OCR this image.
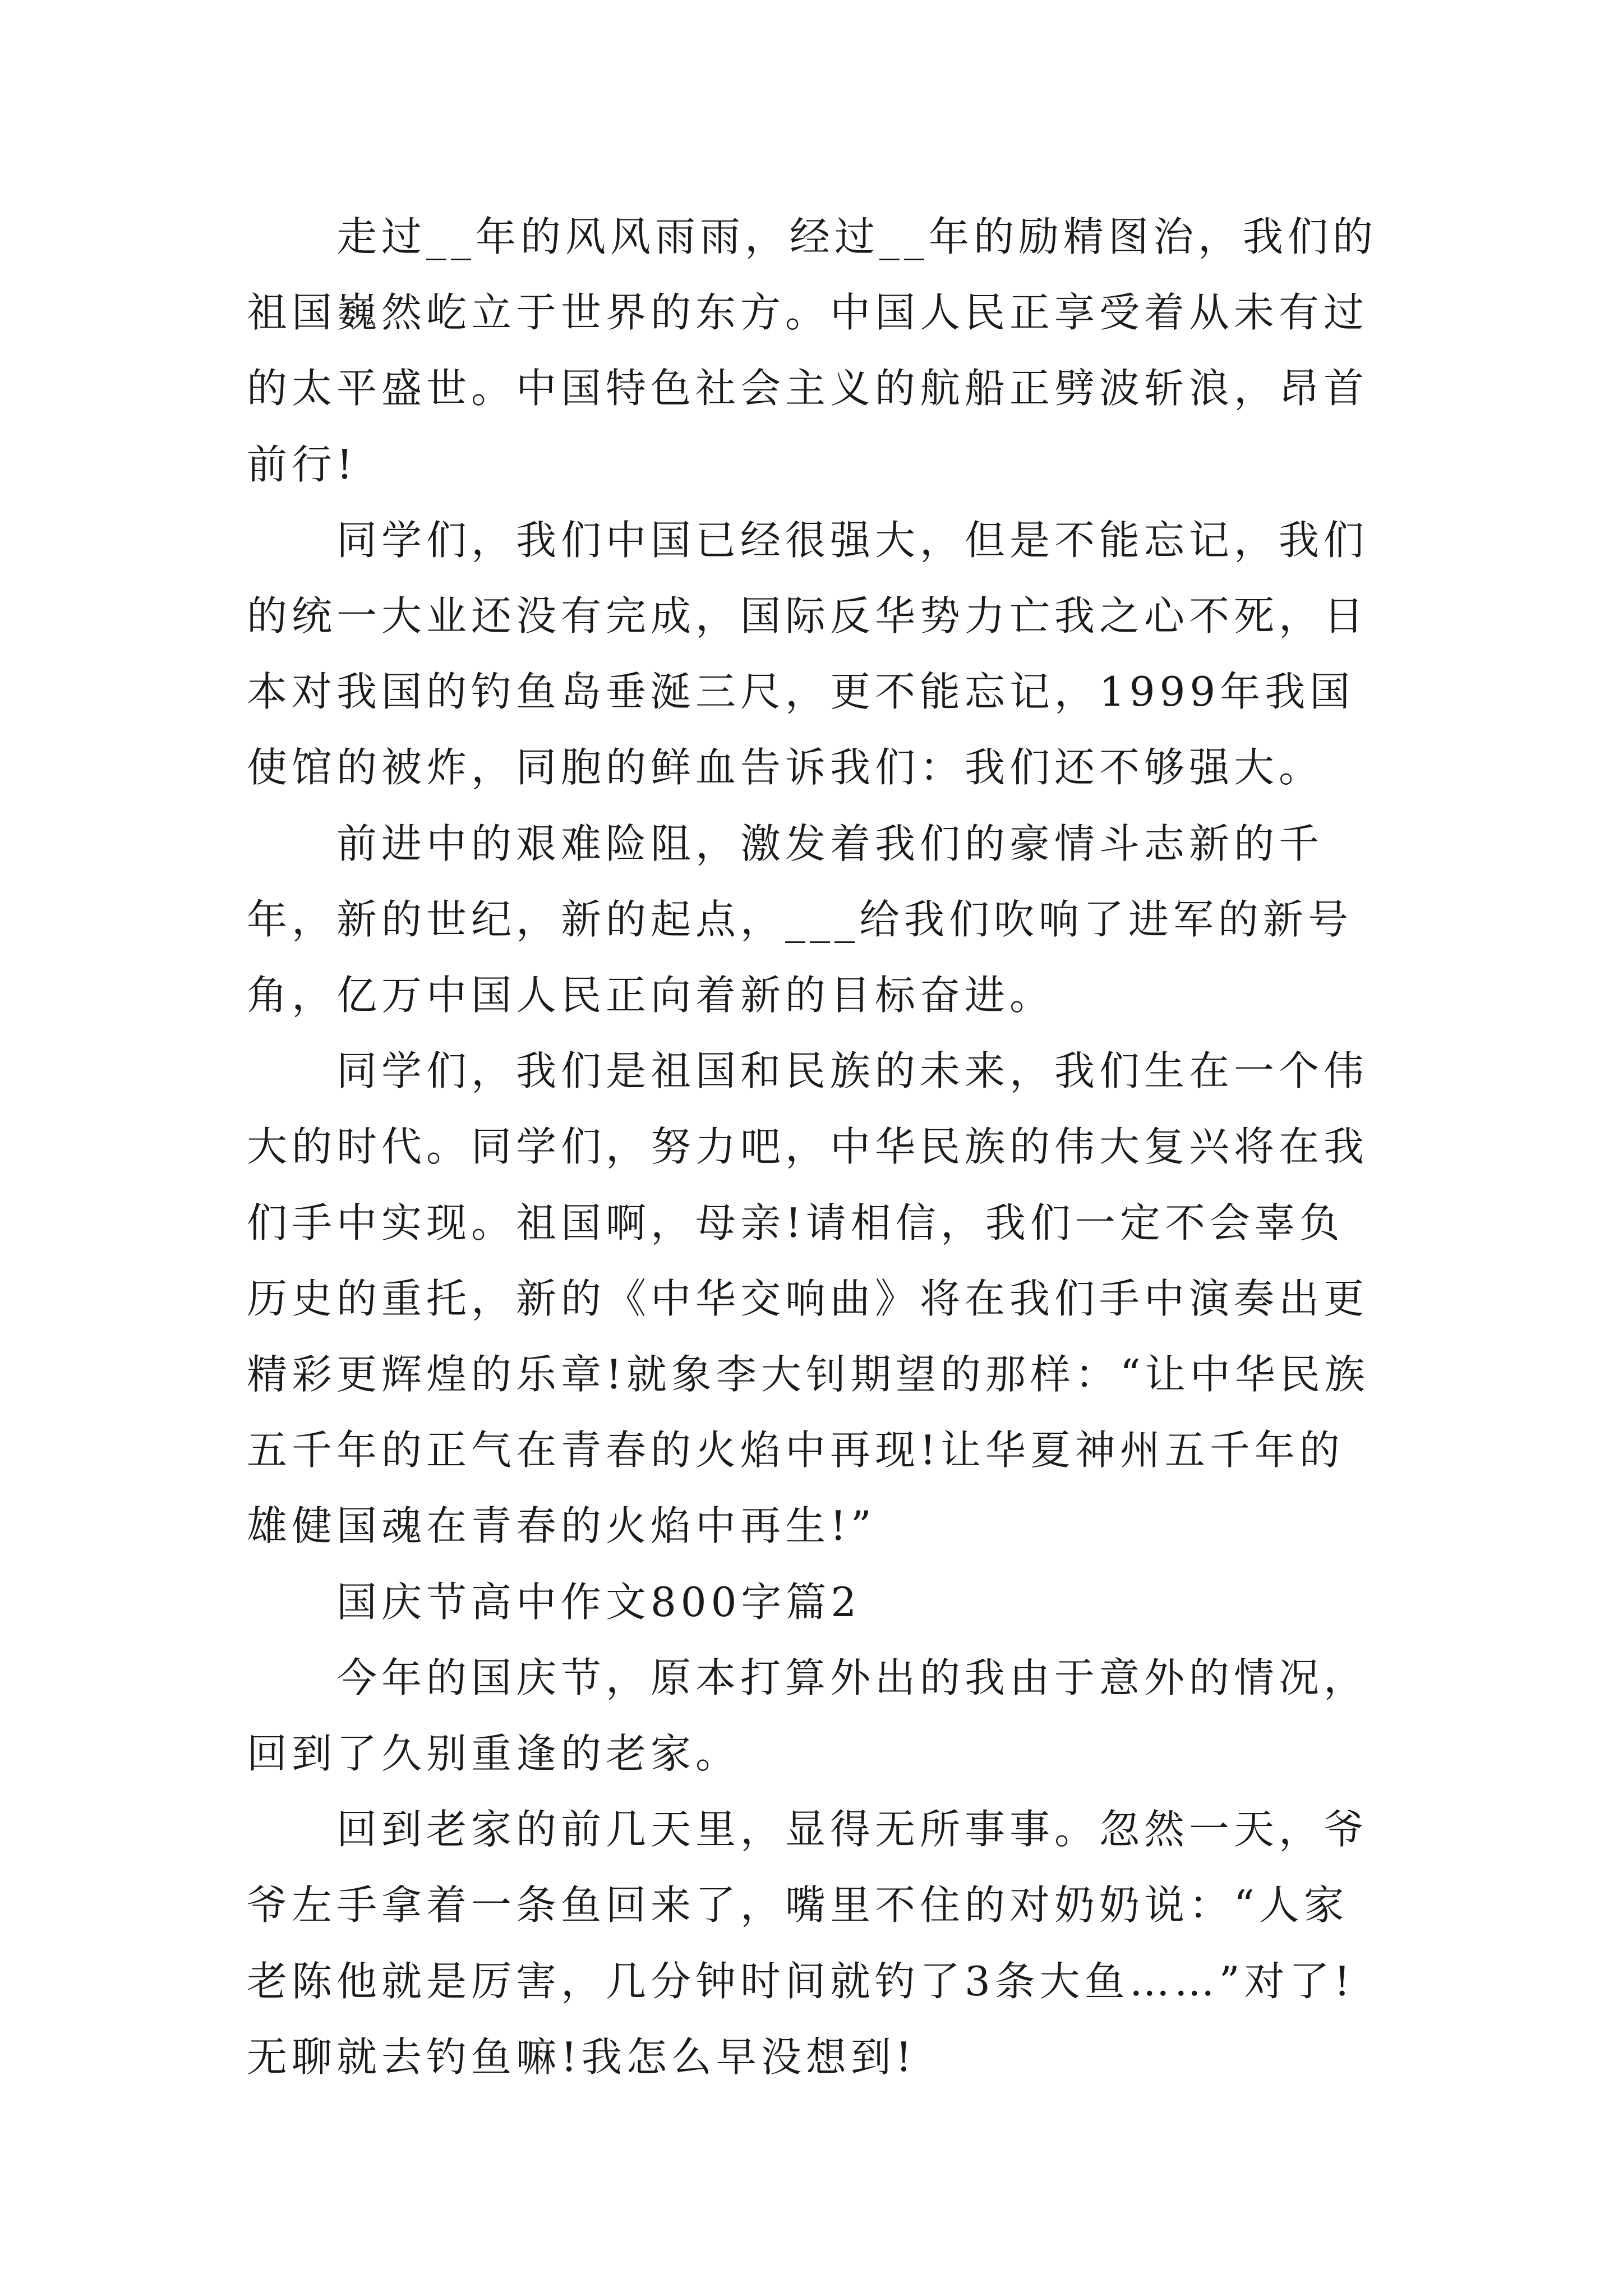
走过__年的风风雨雨，经过__年的励精图治，我们的祖国巍然屹立于世界的东方。中国人民正享受着从未有过的太平盛世。中国特色社会主义的航船正劈波斩浪，昂首前行!

同学们，我们中国已经很强大，但是不能忘记，我们的统一大业还没有完成，国际反华势力亡我之心不死，日本对我国的钓鱼岛垂涎三尺，更不能忘记，1999年我国使馆的被炸，同胞的鲜血告诉我们：我们还不够强大。

前进中的艰难险阻，激发着我们的豪情斗志新的千年，新的世纪，新的起点，___给我们吹响了进军的新号角，亿万中国人民正向着新的目标奋进。

同学们，我们是祖国和民族的未来，我们生在一个伟大的时代。同学们，努力吧，中华民族的伟大复兴将在我们手中实现。祖国啊，母亲!请相信，我们一定不会辜负历史的重托，新的《中华交响曲》将在我们手中演奏出更精彩更辉煌的乐章!就象李大钊期望的那样：“让中华民族五千年的正气在青春的火焰中再现!让华夏神州五千年的雄健国魂在青春的火焰中再生!”

国庆节高中作文800字篇2

今年的国庆节，原本打算外出的我由于意外的情况，回到了久别重逢的老家。

回到老家的前几天里，显得无所事事。忽然一天，爷爷左手拿着一条鱼回来了，嘴里不住的对奶奶说：“人家老陈他就是厉害，几分钟时间就钓了3条大鱼……”对了!无聊就去钓鱼嘛!我怎么早没想到!
